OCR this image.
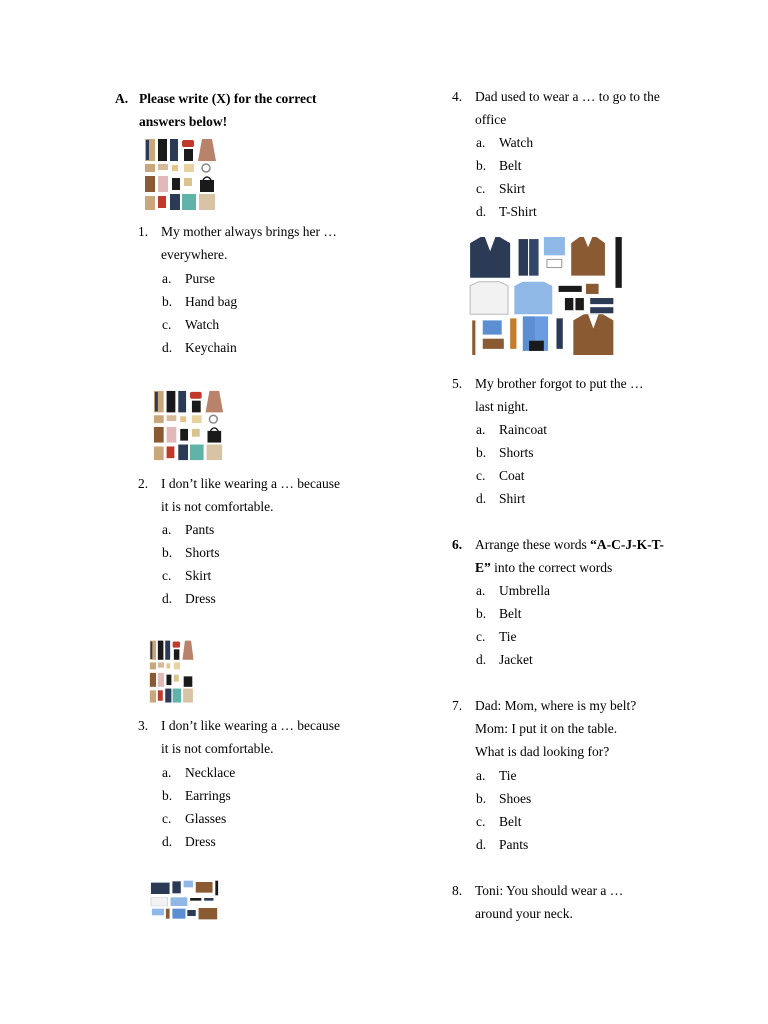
A. Please write (X) for the correct
answers below!
1. My mother always brings her …
everywhere.
a. Purse
b. Hand bag
c. Watch
d. Keychain
2. I don’t like wearing a … because
it is not comfortable.
a. Pants
b. Shorts
c. Skirt
d. Dress
3. I don’t like wearing a … because
it is not comfortable.
a. Necklace
b. Earrings
c. Glasses
d. Dress
4. Dad used to wear a … to go to the
office
a. Watch
b. Belt
c. Skirt
d. T-Shirt
5. My brother forgot to put the …
last night.
a. Raincoat
b. Shorts
c. Coat
d. Shirt
6. Arrange these words “A-C-J-K-T-
E” into the correct words
a. Umbrella
b. Belt
c. Tie
d. Jacket
7. Dad: Mom, where is my belt?
Mom: I put it on the table.
What is dad looking for?
a. Tie
b. Shoes
c. Belt
d. Pants
8. Toni: You should wear a …
around your neck.
